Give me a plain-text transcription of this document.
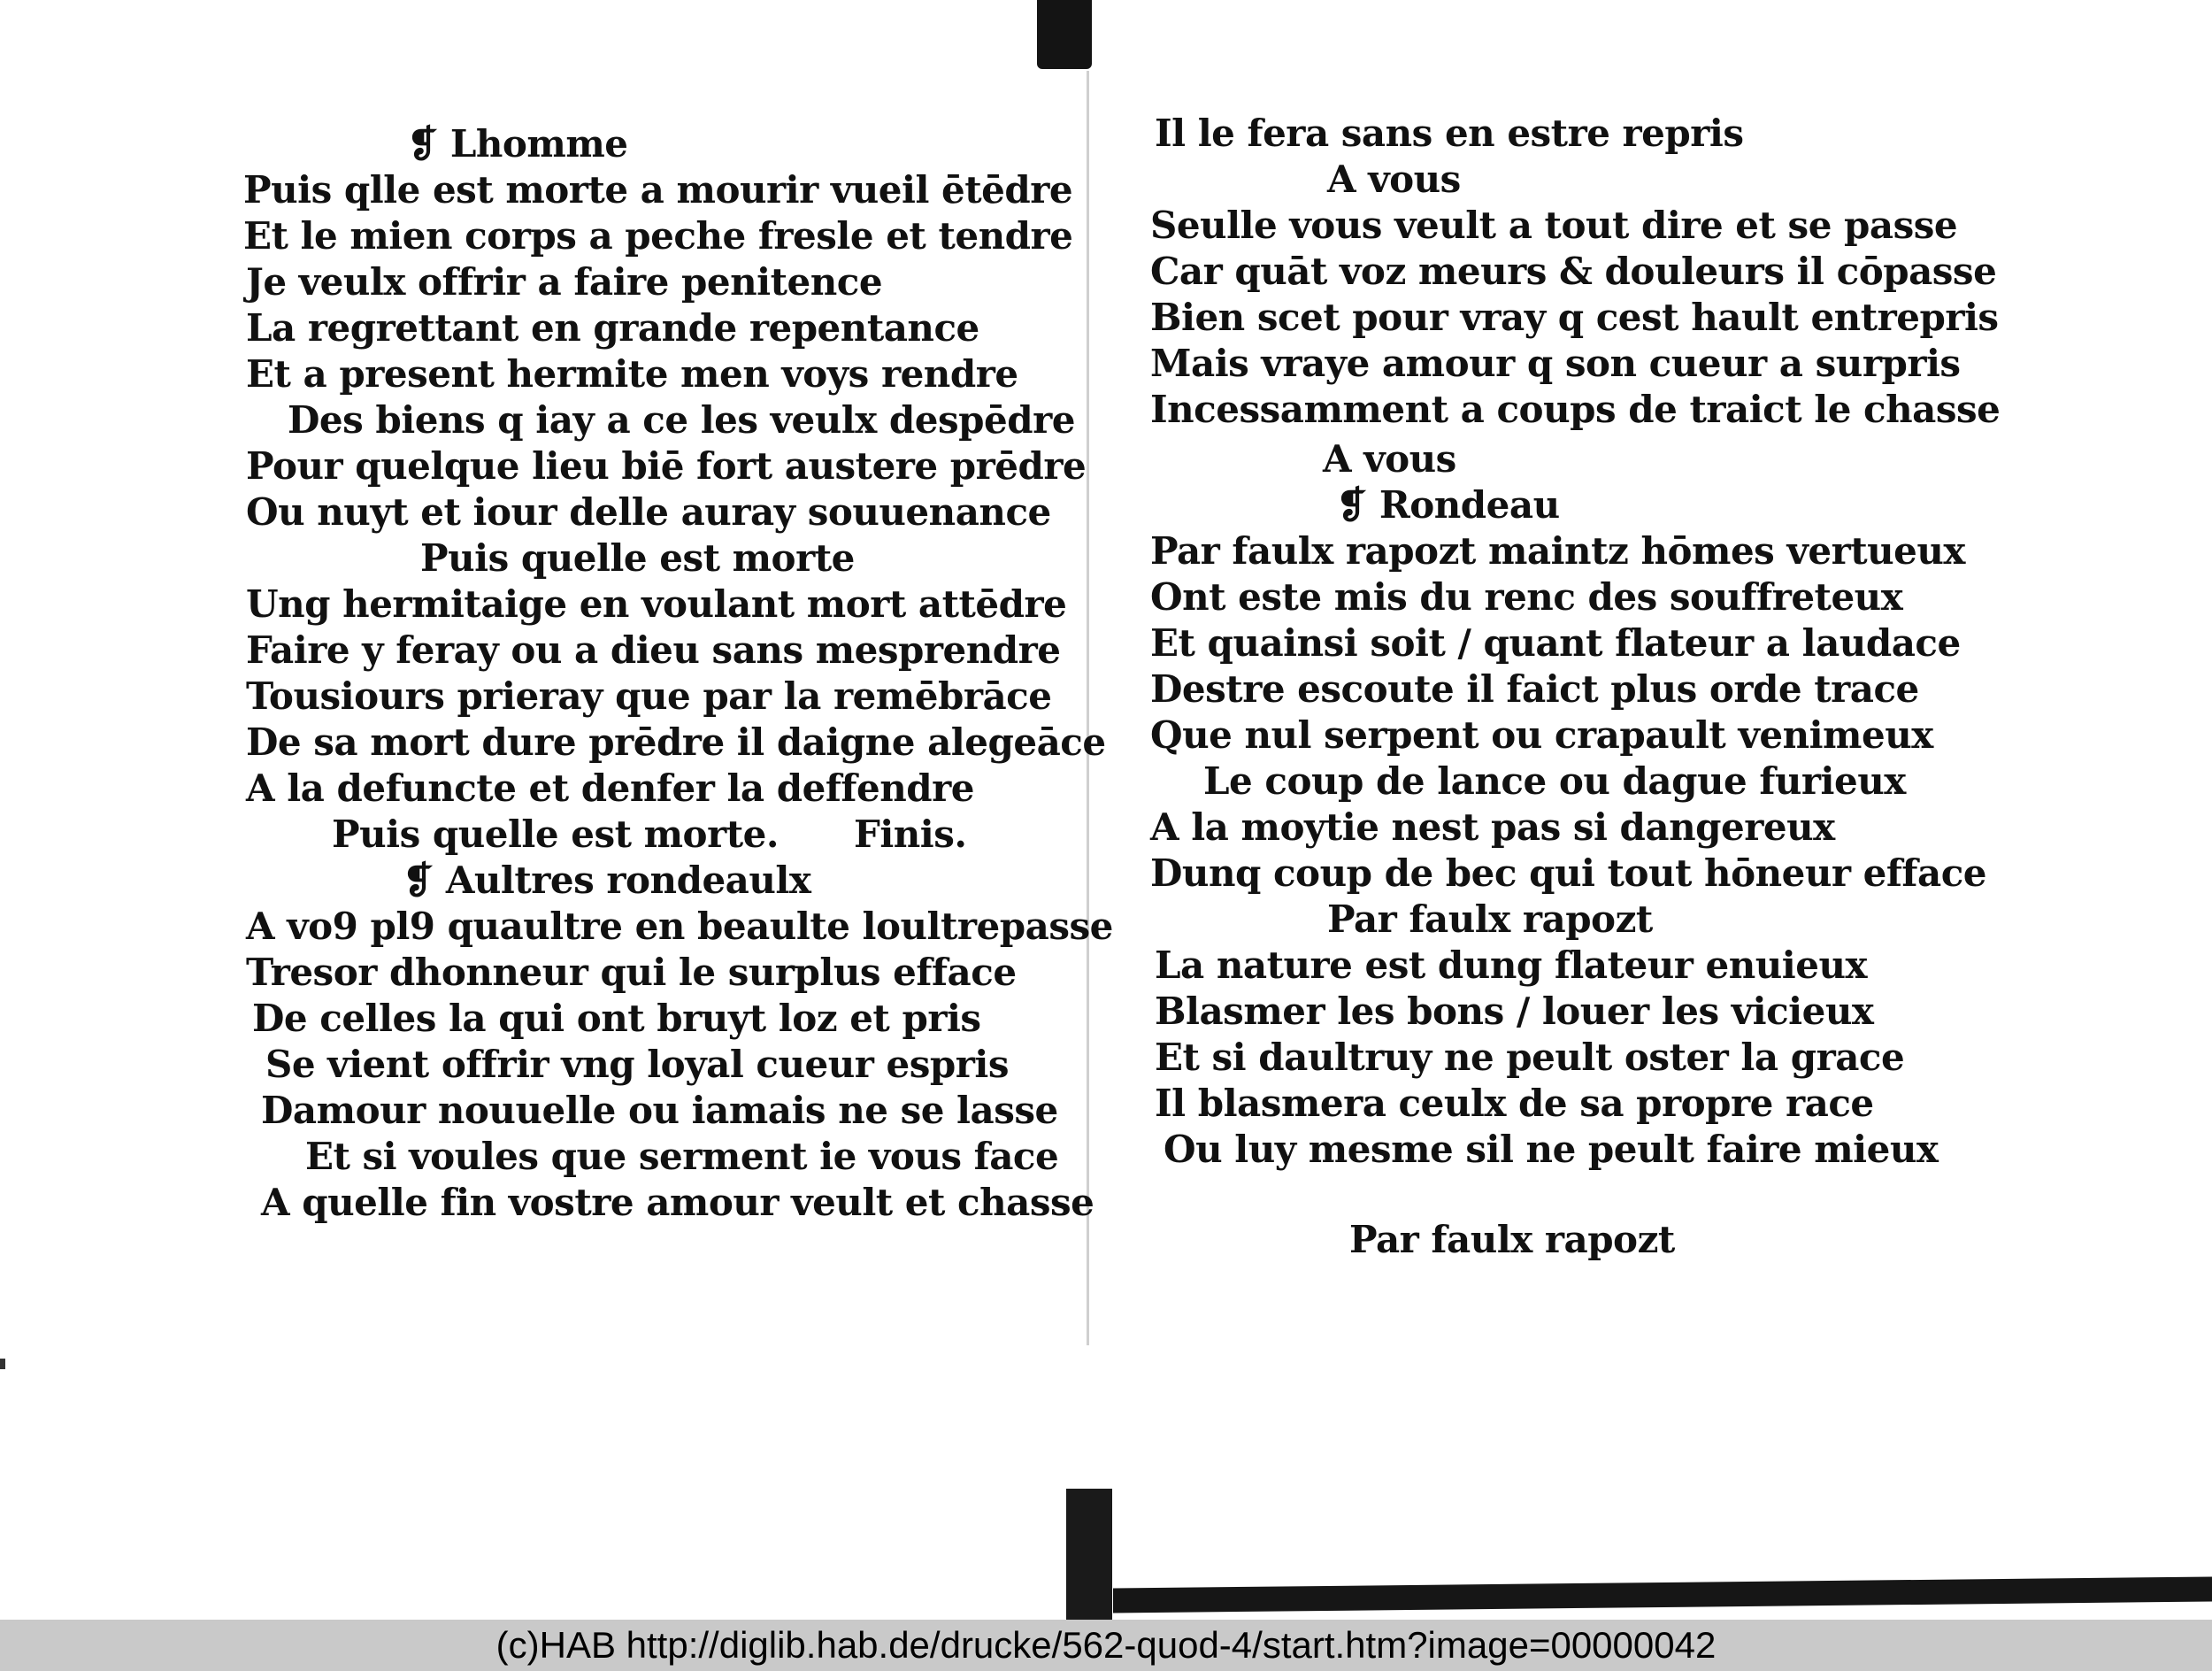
❡ Lhomme
Puis qlle est morte a mourir vueil ētēdre
Et le mien corps a peche fresle et tendre
Je veulx offrir a faire penitence
La regrettant en grande repentance
Et a present hermite men voys rendre
Des biens q iay a ce les veulx despēdre
Pour quelque lieu biē fort austere prēdre
Ou nuyt et iour delle auray souuenance
Puis quelle est morte
Ung hermitaige en voulant mort attēdre
Faire y feray ou a dieu sans mesprendre
Tousiours prieray que par la remēbrāce
De sa mort dure prēdre il daigne alegeāce
A la defuncte et denfer la deffendre
Puis quelle est morte. Finis.
❡ Aultres rondeaulx
A vo9 pl9 quaultre en beaulte loultrepasse
Tresor dhonneur qui le surplus efface
De celles la qui ont bruyt loz et pris
Se vient offrir vng loyal cueur espris
Damour nouuelle ou iamais ne se lasse
Et si voules que serment ie vous face
A quelle fin vostre amour veult et chasse
Il le fera sans en estre repris
A vous
Seulle vous veult a tout dire et se passe
Car quāt voz meurs & douleurs il cōpasse
Bien scet pour vray q cest hault entrepris
Mais vraye amour q son cueur a surpris
Incessamment a coups de traict le chasse
A vous
❡ Rondeau
Par faulx rapozt maintz hōmes vertueux
Ont este mis du renc des souffreteux
Et quainsi soit / quant flateur a laudace
Destre escoute il faict plus orde trace
Que nul serpent ou crapault venimeux
Le coup de lance ou dague furieux
A la moytie nest pas si dangereux
Dunq coup de bec qui tout hōneur efface
Par faulx rapozt
La nature est dung flateur enuieux
Blasmer les bons / louer les vicieux
Et si daultruy ne peult oster la grace
Il blasmera ceulx de sa propre race
Ou luy mesme sil ne peult faire mieux
Par faulx rapozt
(c)HAB http://diglib.hab.de/drucke/562-quod-4/start.htm?image=00000042
